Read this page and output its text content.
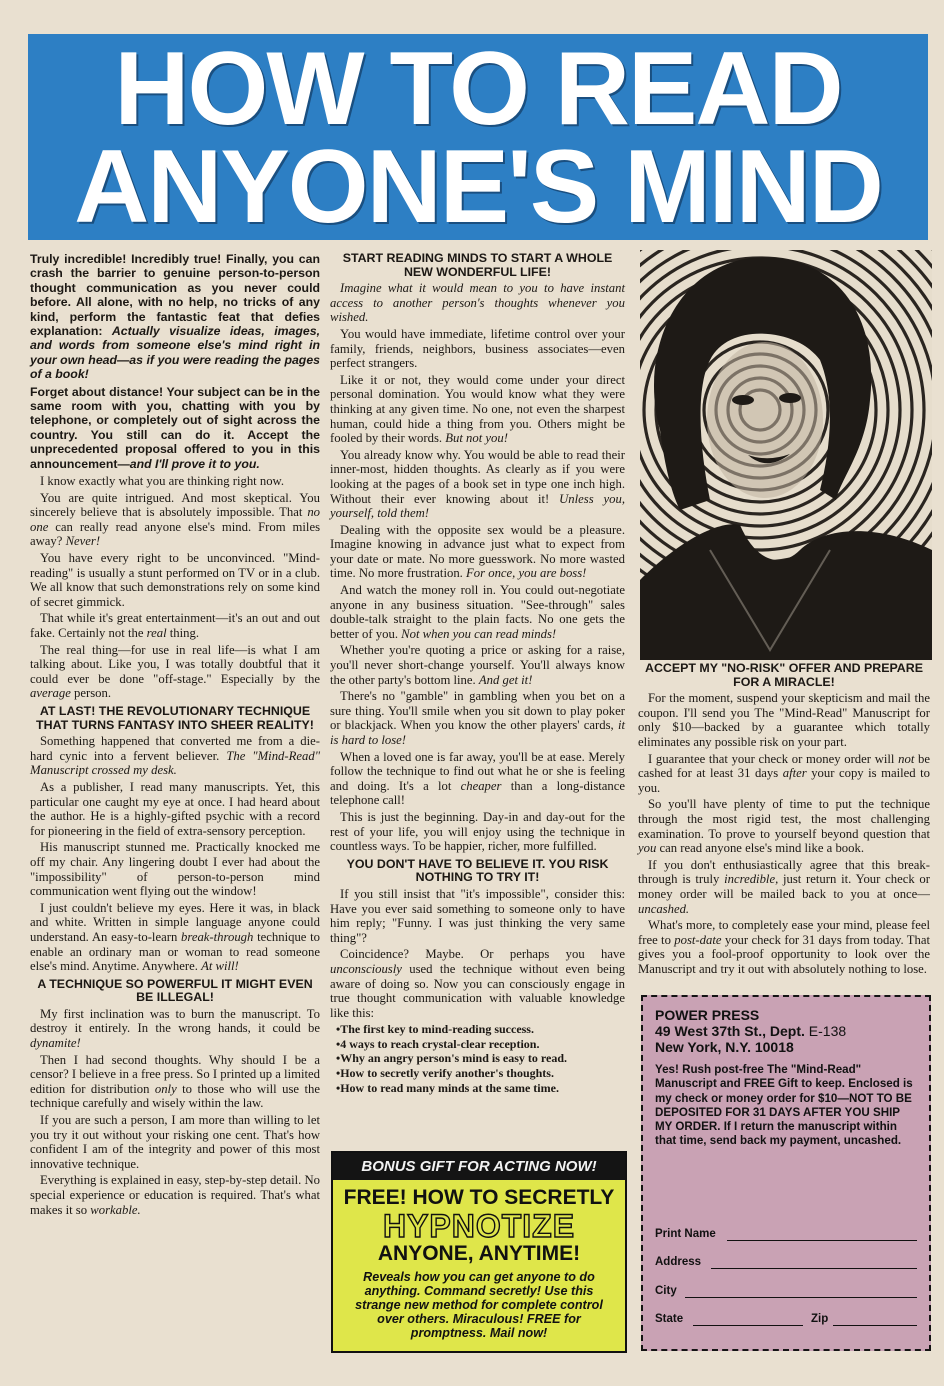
HOW TO READ
ANYONE'S MIND

Truly incredible! Incredibly true! Finally, you can crash the barrier to genuine person-to-person thought communication as you never could before. All alone, with no help, no tricks of any kind, perform the fantastic feat that defies explanation: Actually visualize ideas, images, and words from someone else's mind right in your own head—as if you were reading the pages of a book!

Forget about distance! Your subject can be in the same room with you, chatting with you by telephone, or completely out of sight across the country. You still can do it. Accept the unprecedented proposal offered to you in this announcement—and I'll prove it to you.

I know exactly what you are thinking right now.

You are quite intrigued. And most skeptical. You sincerely believe that is absolutely impossible. That no one can really read anyone else's mind. From miles away? Never!

You have every right to be unconvinced. "Mind-reading" is usually a stunt performed on TV or in a club. We all know that such demonstrations rely on some kind of secret gimmick.

That while it's great entertainment—it's an out and out fake. Certainly not the real thing.

The real thing—for use in real life—is what I am talking about. Like you, I was totally doubtful that it could ever be done "off-stage." Especially by the average person.

AT LAST! THE REVOLUTIONARY TECHNIQUE THAT TURNS FANTASY INTO SHEER REALITY!

Something happened that converted me from a die-hard cynic into a fervent believer. The "Mind-Read" Manuscript crossed my desk.

As a publisher, I read many manuscripts. Yet, this particular one caught my eye at once. I had heard about the author. He is a highly-gifted psychic with a record for pioneering in the field of extra-sensory perception.

His manuscript stunned me. Practically knocked me off my chair. Any lingering doubt I ever had about the "impossibility" of person-to-person mind communication went flying out the window!

I just couldn't believe my eyes. Here it was, in black and white. Written in simple language anyone could understand. An easy-to-learn break-through technique to enable an ordinary man or woman to read someone else's mind. Anytime. Anywhere. At will!

A TECHNIQUE SO POWERFUL IT MIGHT EVEN BE ILLEGAL!

My first inclination was to burn the manuscript. To destroy it entirely. In the wrong hands, it could be dynamite!

Then I had second thoughts. Why should I be a censor? I believe in a free press. So I printed up a limited edition for distribution only to those who will use the technique carefully and wisely within the law.

If you are such a person, I am more than willing to let you try it out without your risking one cent. That's how confident I am of the integrity and power of this most innovative technique.

Everything is explained in easy, step-by-step detail. No special experience or education is required. That's what makes it so workable.

START READING MINDS TO START A WHOLE NEW WONDERFUL LIFE!

Imagine what it would mean to you to have instant access to another person's thoughts whenever you wished.

You would have immediate, lifetime control over your family, friends, neighbors, business associates—even perfect strangers.

Like it or not, they would come under your direct personal domination. You would know what they were thinking at any given time. No one, not even the sharpest human, could hide a thing from you. Others might be fooled by their words. But not you!

You already know why. You would be able to read their inner-most, hidden thoughts. As clearly as if you were looking at the pages of a book set in type one inch high. Without their ever knowing about it! Unless you, yourself, told them!

Dealing with the opposite sex would be a pleasure. Imagine knowing in advance just what to expect from your date or mate. No more guesswork. No more wasted time. No more frustration. For once, you are boss!

And watch the money roll in. You could out-negotiate anyone in any business situation. "See-through" sales double-talk straight to the plain facts. No one gets the better of you. Not when you can read minds!

Whether you're quoting a price or asking for a raise, you'll never short-change yourself. You'll always know the other party's bottom line. And get it!

There's no "gamble" in gambling when you bet on a sure thing. You'll smile when you sit down to play poker or blackjack. When you know the other players' cards, it is hard to lose!

When a loved one is far away, you'll be at ease. Merely follow the technique to find out what he or she is feeling and doing. It's a lot cheaper than a long-distance telephone call!

This is just the beginning. Day-in and day-out for the rest of your life, you will enjoy using the technique in countless ways. To be happier, richer, more fulfilled.

YOU DON'T HAVE TO BELIEVE IT. YOU RISK NOTHING TO TRY IT!

If you still insist that "it's impossible", consider this: Have you ever said something to someone only to have him reply; "Funny. I was just thinking the very same thing"?

Coincidence? Maybe. Or perhaps you have unconsciously used the technique without even being aware of doing so. Now you can consciously engage in true thought communication with valuable knowledge like this:

• The first key to mind-reading success.
• 4 ways to reach crystal-clear reception.
• Why an angry person's mind is easy to read.
• How to secretly verify another's thoughts.
• How to read many minds at the same time.
BONUS GIFT FOR ACTING NOW!
FREE! HOW TO SECRETLY
HYPNOTIZE
ANYONE, ANYTIME!
Reveals how you can get anyone to do anything. Command secretly! Use this strange new method for complete control over others. Miraculous! FREE for promptness. Mail now!
ACCEPT MY "NO-RISK" OFFER AND PREPARE FOR A MIRACLE!

For the moment, suspend your skepticism and mail the coupon. I'll send you The "Mind-Read" Manuscript for only $10—backed by a guarantee which totally eliminates any possible risk on your part.

I guarantee that your check or money order will not be cashed for at least 31 days after your copy is mailed to you.

So you'll have plenty of time to put the technique through the most rigid test, the most challenging examination. To prove to yourself beyond question that you can read anyone else's mind like a book.

If you don't enthusiastically agree that this break-through is truly incredible, just return it. Your check or money order will be mailed back to you at once—uncashed.

What's more, to completely ease your mind, please feel free to post-date your check for 31 days from today. That gives you a fool-proof opportunity to look over the Manuscript and try it out with absolutely nothing to lose.

POWER PRESS
49 West 37th St., Dept. E-138
New York, N.Y. 10018
Yes! Rush post-free The "Mind-Read" Manuscript and FREE Gift to keep. Enclosed is my check or money order for $10—NOT TO BE DEPOSITED FOR 31 DAYS AFTER YOU SHIP MY ORDER. If I return the manuscript within that time, send back my payment, uncashed.
Print Name
Address
City
State	Zip
